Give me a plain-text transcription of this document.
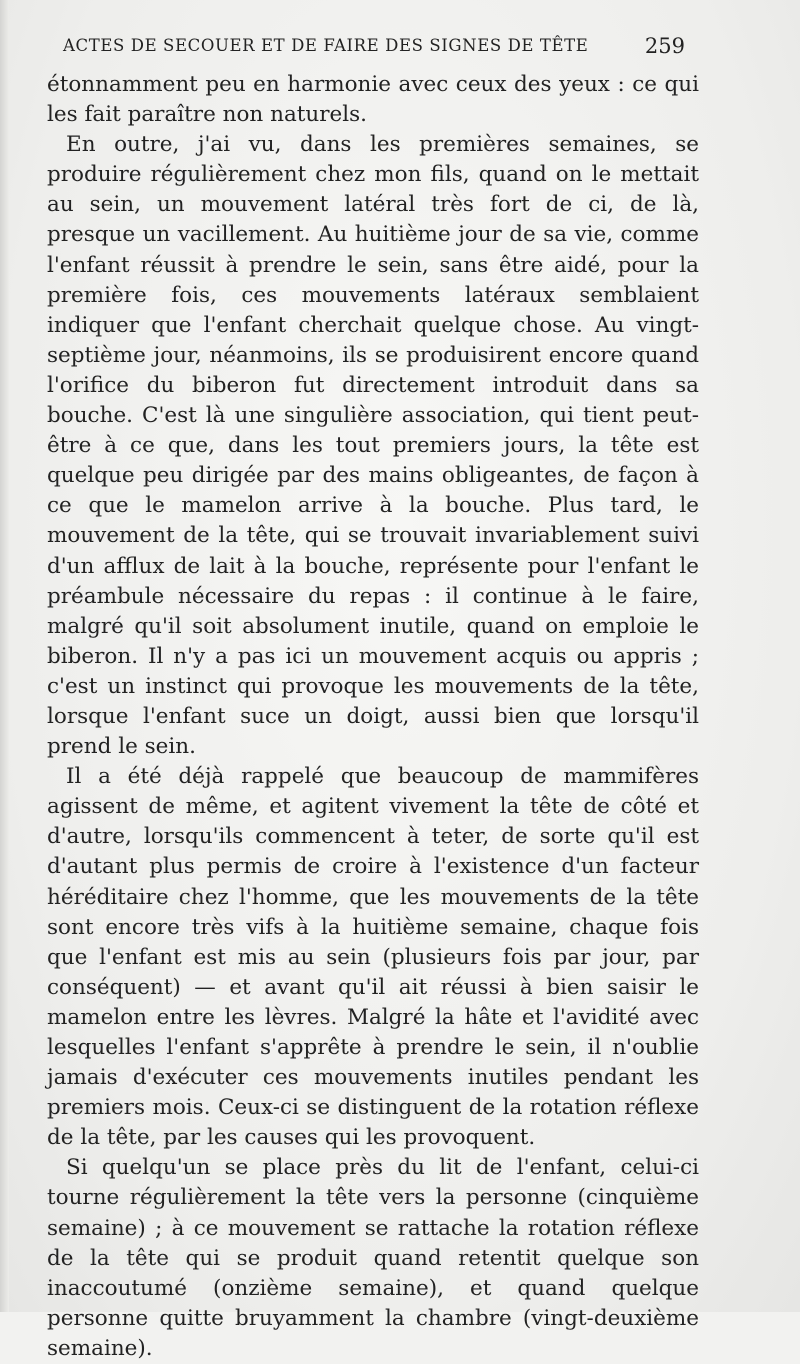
ACTES DE SECOUER ET DE FAIRE DES SIGNES DE TÊTE	259

étonnamment peu en harmonie avec ceux des yeux : ce qui les fait paraître non naturels.

En outre, j'ai vu, dans les premières semaines, se produire régulièrement chez mon fils, quand on le mettait au sein, un mouvement latéral très fort de ci, de là, presque un vacillement. Au huitième jour de sa vie, comme l'enfant réussit à prendre le sein, sans être aidé, pour la première fois, ces mouvements latéraux semblaient indiquer que l'enfant cherchait quelque chose. Au vingt-septième jour, néanmoins, ils se produisirent encore quand l'orifice du biberon fut directement introduit dans sa bouche. C'est là une singulière association, qui tient peut-être à ce que, dans les tout premiers jours, la tête est quelque peu dirigée par des mains obligeantes, de façon à ce que le mamelon arrive à la bouche. Plus tard, le mouvement de la tête, qui se trouvait invariablement suivi d'un afflux de lait à la bouche, représente pour l'enfant le préambule nécessaire du repas : il continue à le faire, malgré qu'il soit absolument inutile, quand on emploie le biberon. Il n'y a pas ici un mouvement acquis ou appris ; c'est un instinct qui provoque les mouvements de la tête, lorsque l'enfant suce un doigt, aussi bien que lorsqu'il prend le sein.

Il a été déjà rappelé que beaucoup de mammifères agissent de même, et agitent vivement la tête de côté et d'autre, lorsqu'ils commencent à teter, de sorte qu'il est d'autant plus permis de croire à l'existence d'un facteur héréditaire chez l'homme, que les mouvements de la tête sont encore très vifs à la huitième semaine, chaque fois que l'enfant est mis au sein (plusieurs fois par jour, par conséquent) — et avant qu'il ait réussi à bien saisir le mamelon entre les lèvres. Malgré la hâte et l'avidité avec lesquelles l'enfant s'apprête à prendre le sein, il n'oublie jamais d'exécuter ces mouvements inutiles pendant les premiers mois. Ceux-ci se distinguent de la rotation réflexe de la tête, par les causes qui les provoquent.

Si quelqu'un se place près du lit de l'enfant, celui-ci tourne régulièrement la tête vers la personne (cinquième semaine) ; à ce mouvement se rattache la rotation réflexe de la tête qui se produit quand retentit quelque son inaccoutumé (onzième semaine), et quand quelque personne quitte bruyamment la chambre (vingt-deuxième semaine).
